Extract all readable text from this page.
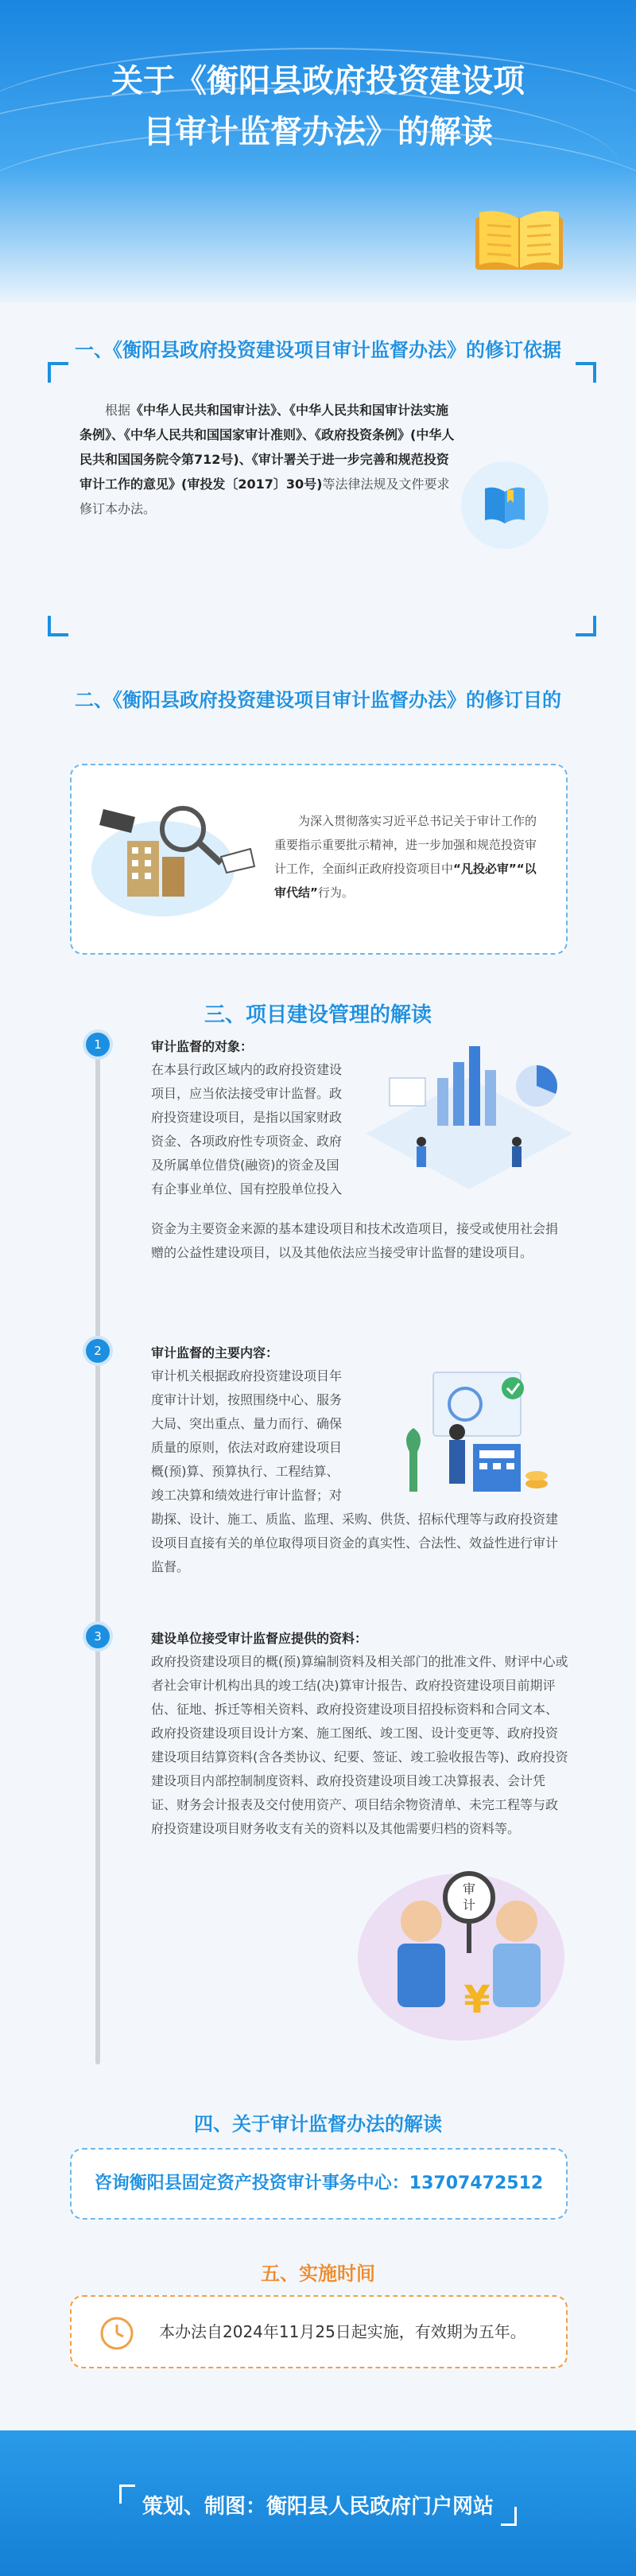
关于《衡阳县政府投资建设项
目审计监督办法》的解读
一、《衡阳县政府投资建设项目审计监督办法》的修订依据

根据《中华人民共和国审计法》、《中华人民共和国审计法实施条例》、《中华人民共和国国家审计准则》、《政府投资条例》(中华人民共和国国务院令第712号)、《审计署关于进一步完善和规范投资审计工作的意见》(审投发〔2017〕30号)等法律法规及文件要求修订本办法。

二、《衡阳县政府投资建设项目审计监督办法》的修订目的

为深入贯彻落实习近平总书记关于审计工作的重要指示重要批示精神，进一步加强和规范投资审计工作，全面纠正政府投资项目中“凡投必审”“以审代结”行为。

三、项目建设管理的解读
1	审计监督的对象：
在本县行政区域内的政府投资建设项目，应当依法接受审计监督。政府投资建设项目，是指以国家财政资金、各项政府性专项资金、政府及所属单位借贷(融资)的资金及国有企事业单位、国有控股单位投入
资金为主要资金来源的基本建设项目和技术改造项目，接受或使用社会捐赠的公益性建设项目，以及其他依法应当接受审计监督的建设项目。
2	审计监督的主要内容：
审计机关根据政府投资建设项目年度审计计划，按照围绕中心、服务大局、突出重点、量力而行、确保质量的原则，依法对政府建设项目概(预)算、预算执行、工程结算、竣工决算和绩效进行审计监督；对
勘探、设计、施工、质监、监理、采购、供货、招标代理等与政府投资建设项目直接有关的单位取得项目资金的真实性、合法性、效益性进行审计监督。
3	建设单位接受审计监督应提供的资料：
政府投资建设项目的概(预)算编制资料及相关部门的批准文件、财评中心或者社会审计机构出具的竣工结(决)算审计报告、政府投资建设项目前期评估、征地、拆迁等相关资料、政府投资建设项目招投标资料和合同文本、政府投资建设项目设计方案、施工图纸、竣工图、设计变更等、政府投资建设项目结算资料(含各类协议、纪要、签证、竣工验收报告等)、政府投资建设项目内部控制制度资料、政府投资建设项目竣工决算报表、会计凭证、财务会计报表及交付使用资产、项目结余物资清单、未完工程等与政府投资建设项目财务收支有关的资料以及其他需要归档的资料等。
审
计
¥
四、关于审计监督办法的解读
咨询衡阳县固定资产投资审计事务中心：13707472512
五、实施时间
本办法自2024年11月25日起实施，有效期为五年。
策划、制图：衡阳县人民政府门户网站
